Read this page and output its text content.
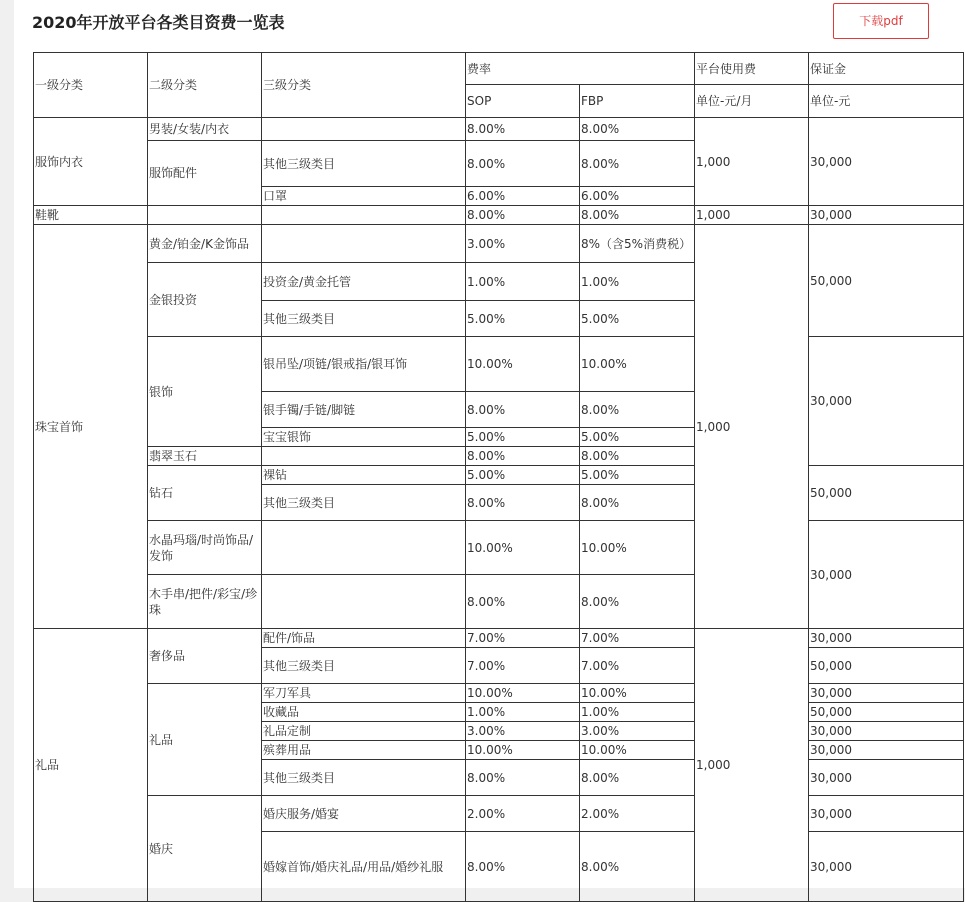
2020年开放平台各类目资费一览表	下载pdf
一级分类	二级分类	三级分类	费率		平台使用费	保证金
			SOP	FBP	单位-元/月	单位-元
服饰内衣	男装/女装/内衣		8.00%	8.00%	1,000	30,000
	服饰配件	其他三级类目	8.00%	8.00%		
		口罩	6.00%	6.00%		
鞋靴			8.00%	8.00%	1,000	30,000
珠宝首饰	黄金/铂金/K金饰品		3.00%	8%（含5%消费税）	1,000	50,000
	金银投资	投资金/黄金托管	1.00%	1.00%		
		其他三级类目	5.00%	5.00%		
	银饰	银吊坠/项链/银戒指/银耳饰	10.00%	10.00%		30,000
		银手镯/手链/脚链	8.00%	8.00%		
		宝宝银饰	5.00%	5.00%		
	翡翠玉石		8.00%	8.00%		
	钻石	裸钻	5.00%	5.00%		50,000
		其他三级类目	8.00%	8.00%		
	水晶玛瑙/时尚饰品/发饰		10.00%	10.00%		30,000
	木手串/把件/彩宝/珍珠		8.00%	8.00%		
礼品	奢侈品	配件/饰品	7.00%	7.00%	1,000	30,000
		其他三级类目	7.00%	7.00%		50,000
	礼品	军刀军具	10.00%	10.00%		30,000
		收藏品	1.00%	1.00%		50,000
		礼品定制	3.00%	3.00%		30,000
		殡葬用品	10.00%	10.00%		30,000
		其他三级类目	8.00%	8.00%		30,000
	婚庆	婚庆服务/婚宴	2.00%	2.00%		30,000
		婚嫁首饰/婚庆礼品/用品/婚纱礼服	8.00%	8.00%		30,000
